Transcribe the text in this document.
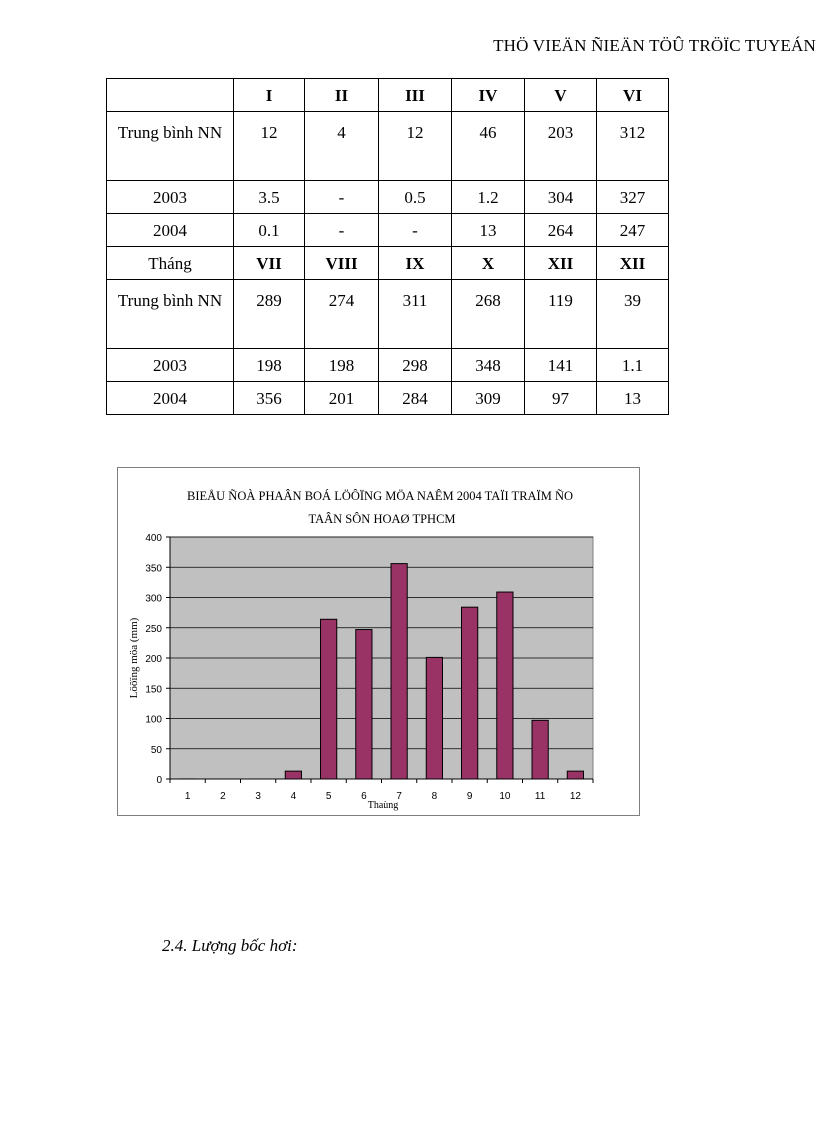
THÖ VIEÄN ÑIEÄN TÖÛ TRÖÏC TUYEÁN
	I	II	III	IV	V	VI
Trung bình NN	12	4	12	46	203	312
2003	3.5	-	0.5	1.2	304	327
2004	0.1	-	-	13	264	247
Tháng	VII	VIII	IX	X	XII	XII
Trung bình NN	289	274	311	268	119	39
2003	198	198	298	348	141	1.1
2004	356	201	284	309	97	13
0
50
100
150
200
250
300
350
400
1	2	3	4	5	6	7	8	9	10 11 12
BIEÅU ÑOÀ PHAÂN BOÁ LÖÔÏNG MÖA NAÊM 2004 TAÏI TRAÏM ÑO
TAÂN SÔN HOAØ TPHCM
Thaùng
Löôïng möa (mm)
2.4. Lượng bốc hơi:
